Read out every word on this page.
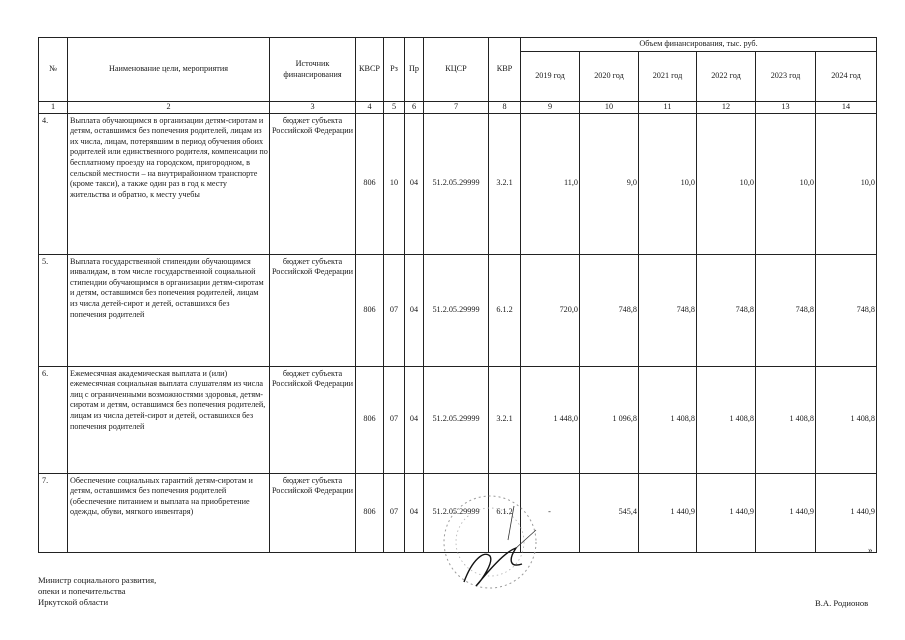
№	Наименование цели, мероприятия	Источник финансирования	КВСР	Рз	Пр	КЦСР	КВР	Объем финансирования, тыс. руб.					
								2019 год	2020 год	2021 год	2022 год	2023 год	2024 год
1	2	3	4	5	6	7	8	9	10	11	12	13	14
4.	Выплата обучающимся в организации детям-сиротам и детям, оставшимся без попечения родителей, лицам из их числа, лицам, потерявшим в период обучения обоих родителей или единственного родителя, компенсации по бесплатному проезду на городском, пригородном, в сельской местности – на внутрирайонном транспорте (кроме такси), а также один раз в год к месту жительства и обратно, к месту учебы	бюджет субъекта Российской Федерации	806	10	04	51.2.05.29999	3.2.1	11,0	9,0	10,0	10,0	10,0	10,0
5.	Выплата государственной стипендии обучающимся инвалидам, в том числе государственной социальной стипендии обучающимся в организации детям-сиротам и детям, оставшимся без попечения родителей, лицам из числа детей-сирот и детей, оставшихся без попечения родителей	бюджет субъекта Российской Федерации	806	07	04	51.2.05.29999	6.1.2	720,0	748,8	748,8	748,8	748,8	748,8
6.	Ежемесячная академическая выплата и (или) ежемесячная социальная выплата слушателям из числа лиц с ограниченными возможностями здоровья, детям-сиротам и детям, оставшимся без попечения родителей, лицам из числа детей-сирот и детей, оставшихся без попечения родителей	бюджет субъекта Российской Федерации	806	07	04	51.2.05.29999	3.2.1	1 448,0	1 096,8	1 408,8	1 408,8	1 408,8	1 408,8
7.	Обеспечение социальных гарантий детям-сиротам и детям, оставшимся без попечения родителей (обеспечение питанием и выплата на приобретение одежды, обуви, мягкого инвентаря)	бюджет субъекта Российской Федерации	806	07	04	51.2.05.29999	6.1.2	-	545,4	1 440,9	1 440,9	1 440,9	1 440,9
».
Министр социального развития,
опеки и попечительства
Иркутской области	В.А. Родионов
